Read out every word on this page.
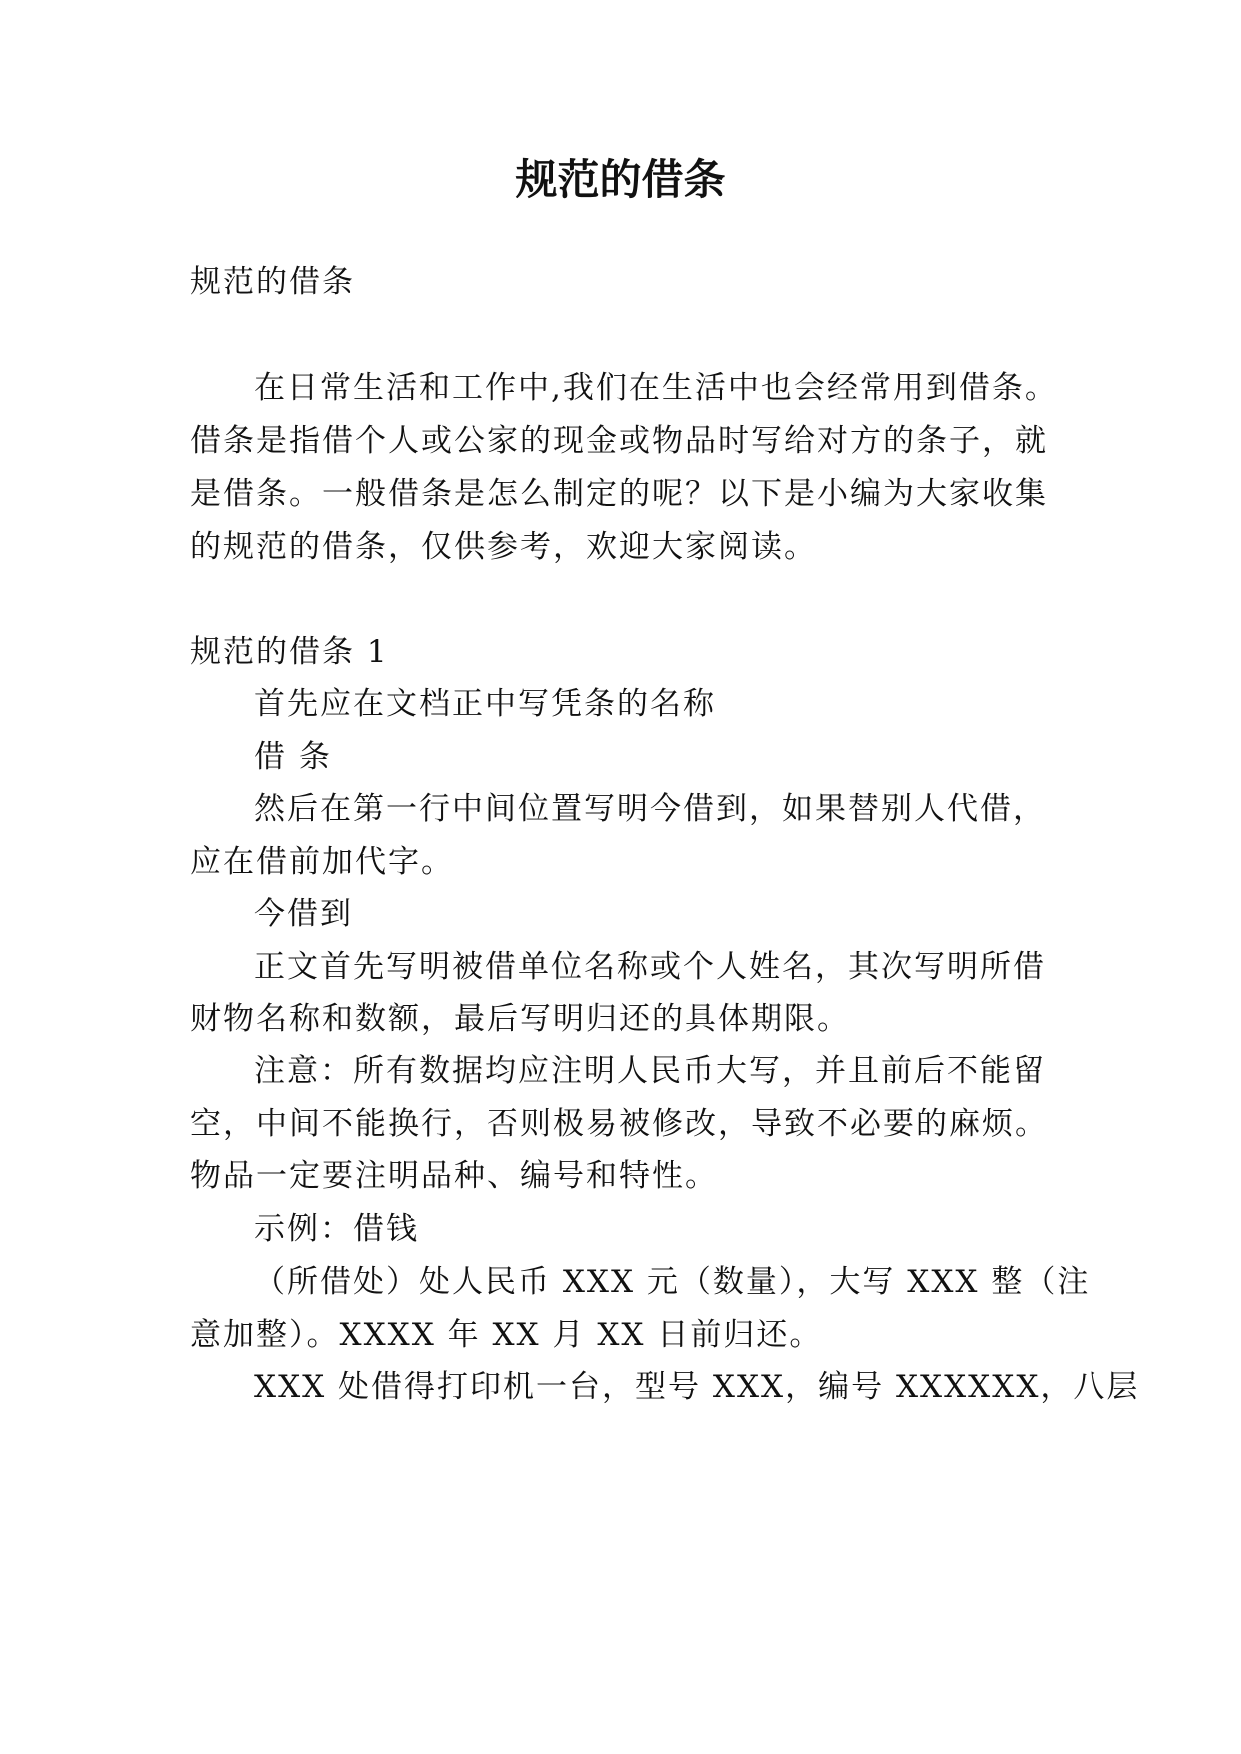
规范的借条

规范的借条

在日常生活和工作中,我们在生活中也会经常用到借条。

借条是指借个人或公家的现金或物品时写给对方的条子，就

是借条。一般借条是怎么制定的呢？以下是小编为大家收集

的规范的借条，仅供参考，欢迎大家阅读。

规范的借条 1

首先应在文档正中写凭条的名称

借 条

然后在第一行中间位置写明今借到，如果替别人代借，

应在借前加代字。

今借到

正文首先写明被借单位名称或个人姓名，其次写明所借

财物名称和数额，最后写明归还的具体期限。

注意：所有数据均应注明人民币大写，并且前后不能留

空，中间不能换行，否则极易被修改，导致不必要的麻烦。

物品一定要注明品种、编号和特性。

示例：借钱

（所借处）处人民币 XXX 元（数量），大写 XXX 整（注

意加整）。XXXX 年 XX 月 XX 日前归还。

XXX 处借得打印机一台，型号 XXX，编号 XXXXXX，八层
